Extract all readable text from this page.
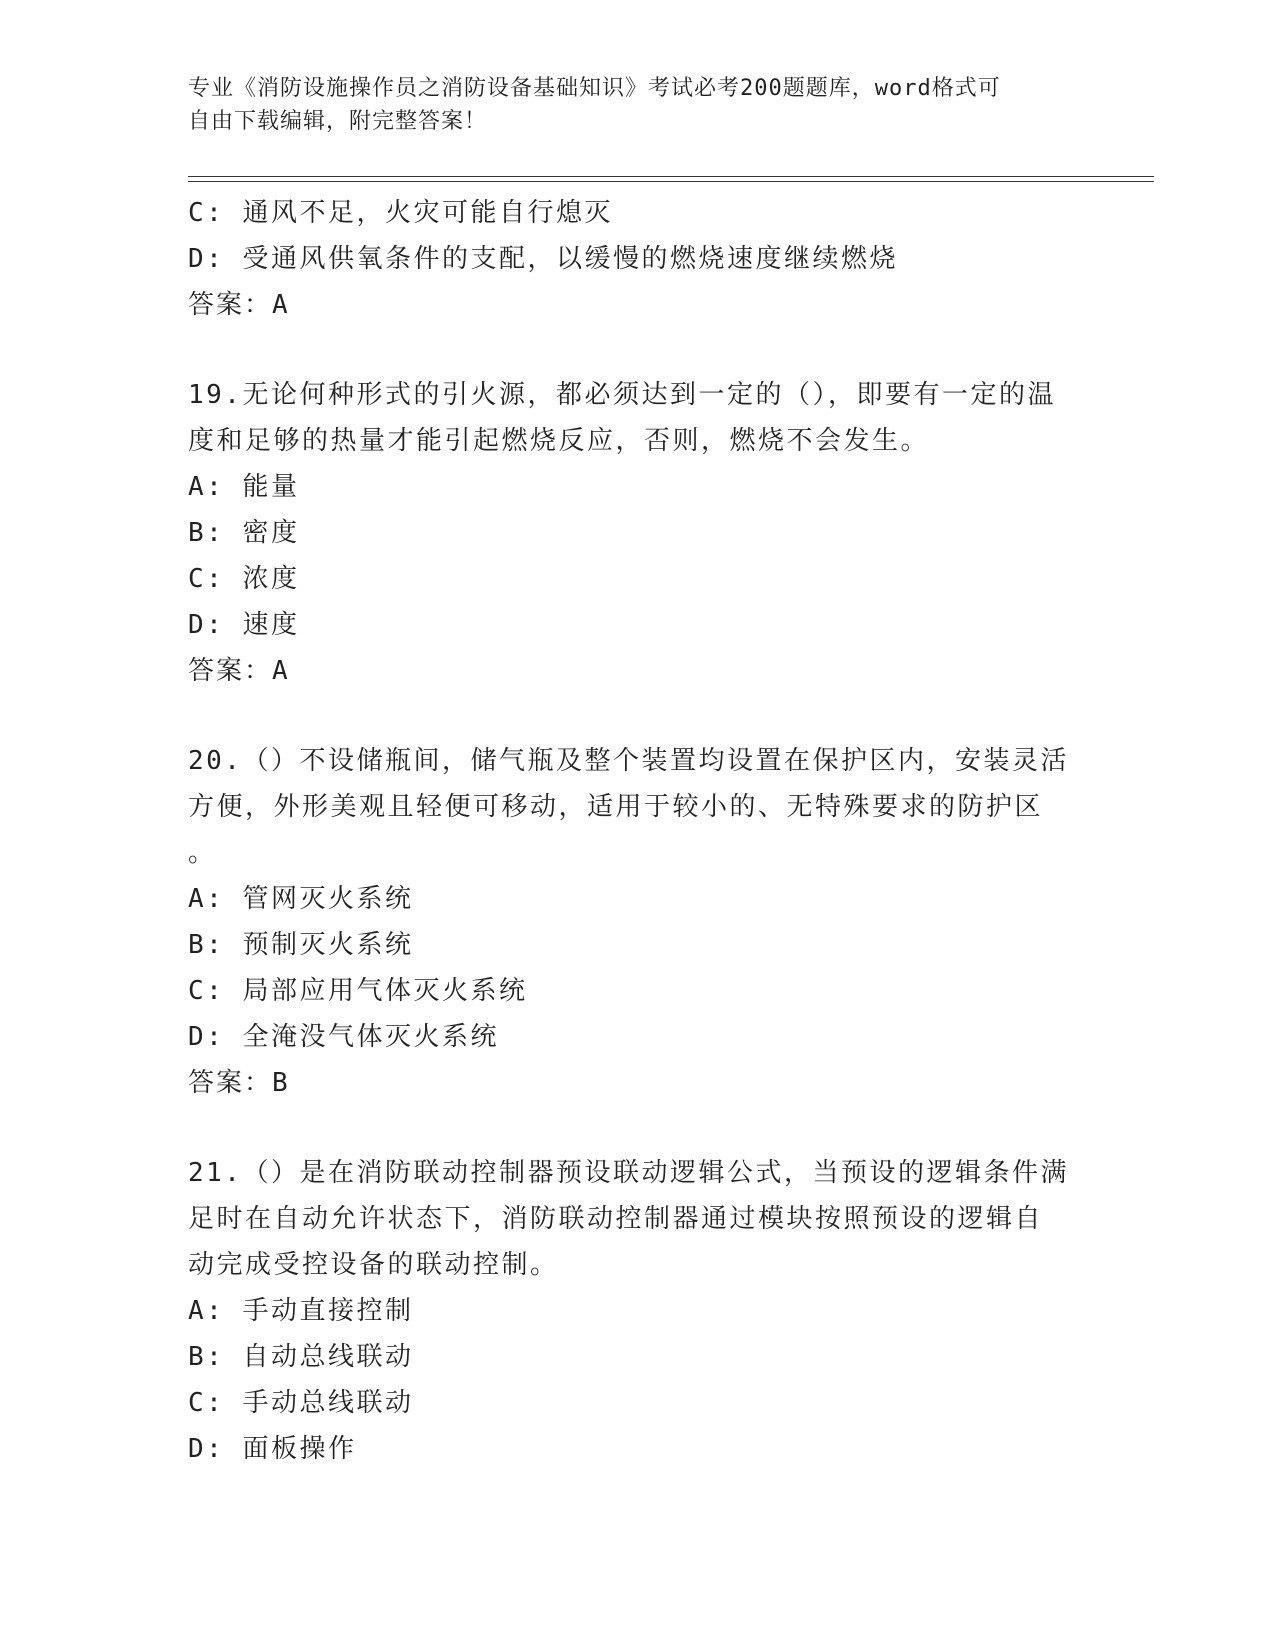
专业《消防设施操作员之消防设备基础知识》考试必考200题题库，word格式可
自由下载编辑，附完整答案！
C: 通风不足，火灾可能自行熄灭
D: 受通风供氧条件的支配，以缓慢的燃烧速度继续燃烧
答案：A
19.无论何种形式的引火源，都必须达到一定的（），即要有一定的温
度和足够的热量才能引起燃烧反应，否则，燃烧不会发生。
A: 能量
B: 密度
C: 浓度
D: 速度
答案：A
20.（）不设储瓶间，储气瓶及整个装置均设置在保护区内，安装灵活
方便，外形美观且轻便可移动，适用于较小的、无特殊要求的防护区
。
A: 管网灭火系统
B: 预制灭火系统
C: 局部应用气体灭火系统
D: 全淹没气体灭火系统
答案：B
21.（）是在消防联动控制器预设联动逻辑公式，当预设的逻辑条件满
足时在自动允许状态下，消防联动控制器通过模块按照预设的逻辑自
动完成受控设备的联动控制。
A: 手动直接控制
B: 自动总线联动
C: 手动总线联动
D: 面板操作
